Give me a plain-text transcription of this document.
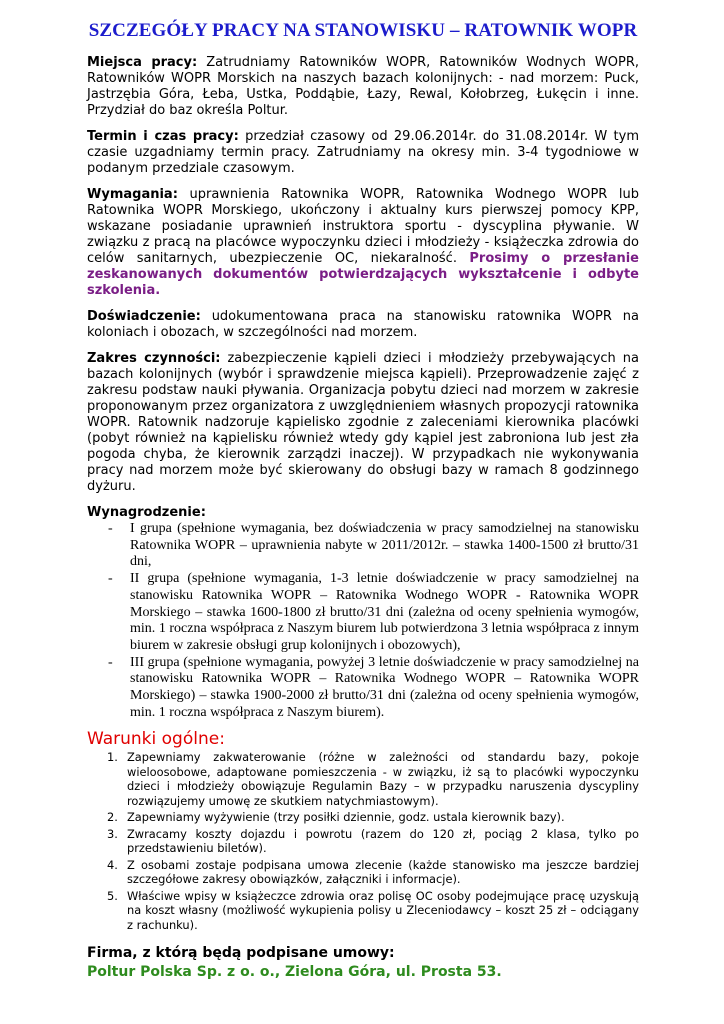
SZCZEGÓŁY PRACY NA STANOWISKU – RATOWNIK WOPR

Miejsca pracy: Zatrudniamy Ratowników WOPR, Ratowników Wodnych WOPR, Ratowników WOPR Morskich na naszych bazach kolonijnych: - nad morzem: Puck, Jastrzębia Góra, Łeba, Ustka, Poddąbie, Łazy, Rewal, Kołobrzeg, Łukęcin i inne. Przydział do baz określa Poltur.

Termin i czas pracy: przedział czasowy od 29.06.2014r. do 31.08.2014r. W tym czasie uzgadniamy termin pracy. Zatrudniamy na okresy min. 3-4 tygodniowe w podanym przedziale czasowym.

Wymagania: uprawnienia Ratownika WOPR, Ratownika Wodnego WOPR lub Ratownika WOPR Morskiego, ukończony i aktualny kurs pierwszej pomocy KPP, wskazane posiadanie uprawnień instruktora sportu - dyscyplina pływanie. W związku z pracą na placówce wypoczynku dzieci i młodzieży - książeczka zdrowia do celów sanitarnych, ubezpieczenie OC, niekaralność. Prosimy o przesłanie zeskanowanych dokumentów potwierdzających wykształcenie i odbyte szkolenia.

Doświadczenie: udokumentowana praca na stanowisku ratownika WOPR na koloniach i obozach, w szczególności nad morzem.

Zakres czynności: zabezpieczenie kąpieli dzieci i młodzieży przebywających na bazach kolonijnych (wybór i sprawdzenie miejsca kąpieli). Przeprowadzenie zajęć z zakresu podstaw nauki pływania. Organizacja pobytu dzieci nad morzem w zakresie proponowanym przez organizatora z uwzględnieniem własnych propozycji ratownika WOPR. Ratownik nadzoruje kąpielisko zgodnie z zaleceniami kierownika placówki (pobyt również na kąpielisku również wtedy gdy kąpiel jest zabroniona lub jest zła pogoda chyba, że kierownik zarządzi inaczej). W przypadkach nie wykonywania pracy nad morzem może być skierowany do obsługi bazy w ramach 8 godzinnego dyżuru.

Wynagrodzenie:

- I grupa (spełnione wymagania, bez doświadczenia w pracy samodzielnej na stanowisku Ratownika WOPR – uprawnienia nabyte w 2011/2012r. – stawka 1400-1500 zł brutto/31 dni,
- II grupa (spełnione wymagania, 1-3 letnie doświadczenie w pracy samodzielnej na stanowisku Ratownika WOPR – Ratownika Wodnego WOPR - Ratownika WOPR Morskiego – stawka 1600-1800 zł brutto/31 dni (zależna od oceny spełnienia wymogów, min. 1 roczna współpraca z Naszym biurem lub potwierdzona 3 letnia współpraca z innym biurem w zakresie obsługi grup kolonijnych i obozowych),
- III grupa (spełnione wymagania, powyżej 3 letnie doświadczenie w pracy samodzielnej na stanowisku Ratownika WOPR – Ratownika Wodnego WOPR – Ratownika WOPR Morskiego) – stawka 1900-2000 zł brutto/31 dni (zależna od oceny spełnienia wymogów, min. 1 roczna współpraca z Naszym biurem).

Warunki ogólne:

1. Zapewniamy zakwaterowanie (różne w zależności od standardu bazy, pokoje wieloosobowe, adaptowane pomieszczenia - w związku, iż są to placówki wypoczynku dzieci i młodzieży obowiązuje Regulamin Bazy – w przypadku naruszenia dyscypliny rozwiązujemy umowę ze skutkiem natychmiastowym).
2. Zapewniamy wyżywienie (trzy posiłki dziennie, godz. ustala kierownik bazy).
3. Zwracamy koszty dojazdu i powrotu (razem do 120 zł, pociąg 2 klasa, tylko po przedstawieniu biletów).
4. Z osobami zostaje podpisana umowa zlecenie (każde stanowisko ma jeszcze bardziej szczegółowe zakresy obowiązków, załączniki i informacje).
5. Właściwe wpisy w książeczce zdrowia oraz polisę OC osoby podejmujące pracę uzyskują na koszt własny (możliwość wykupienia polisy u Zleceniodawcy – koszt 25 zł – odciągany z rachunku).

Firma, z którą będą podpisane umowy:

Poltur Polska Sp. z o. o., Zielona Góra, ul. Prosta 53.
